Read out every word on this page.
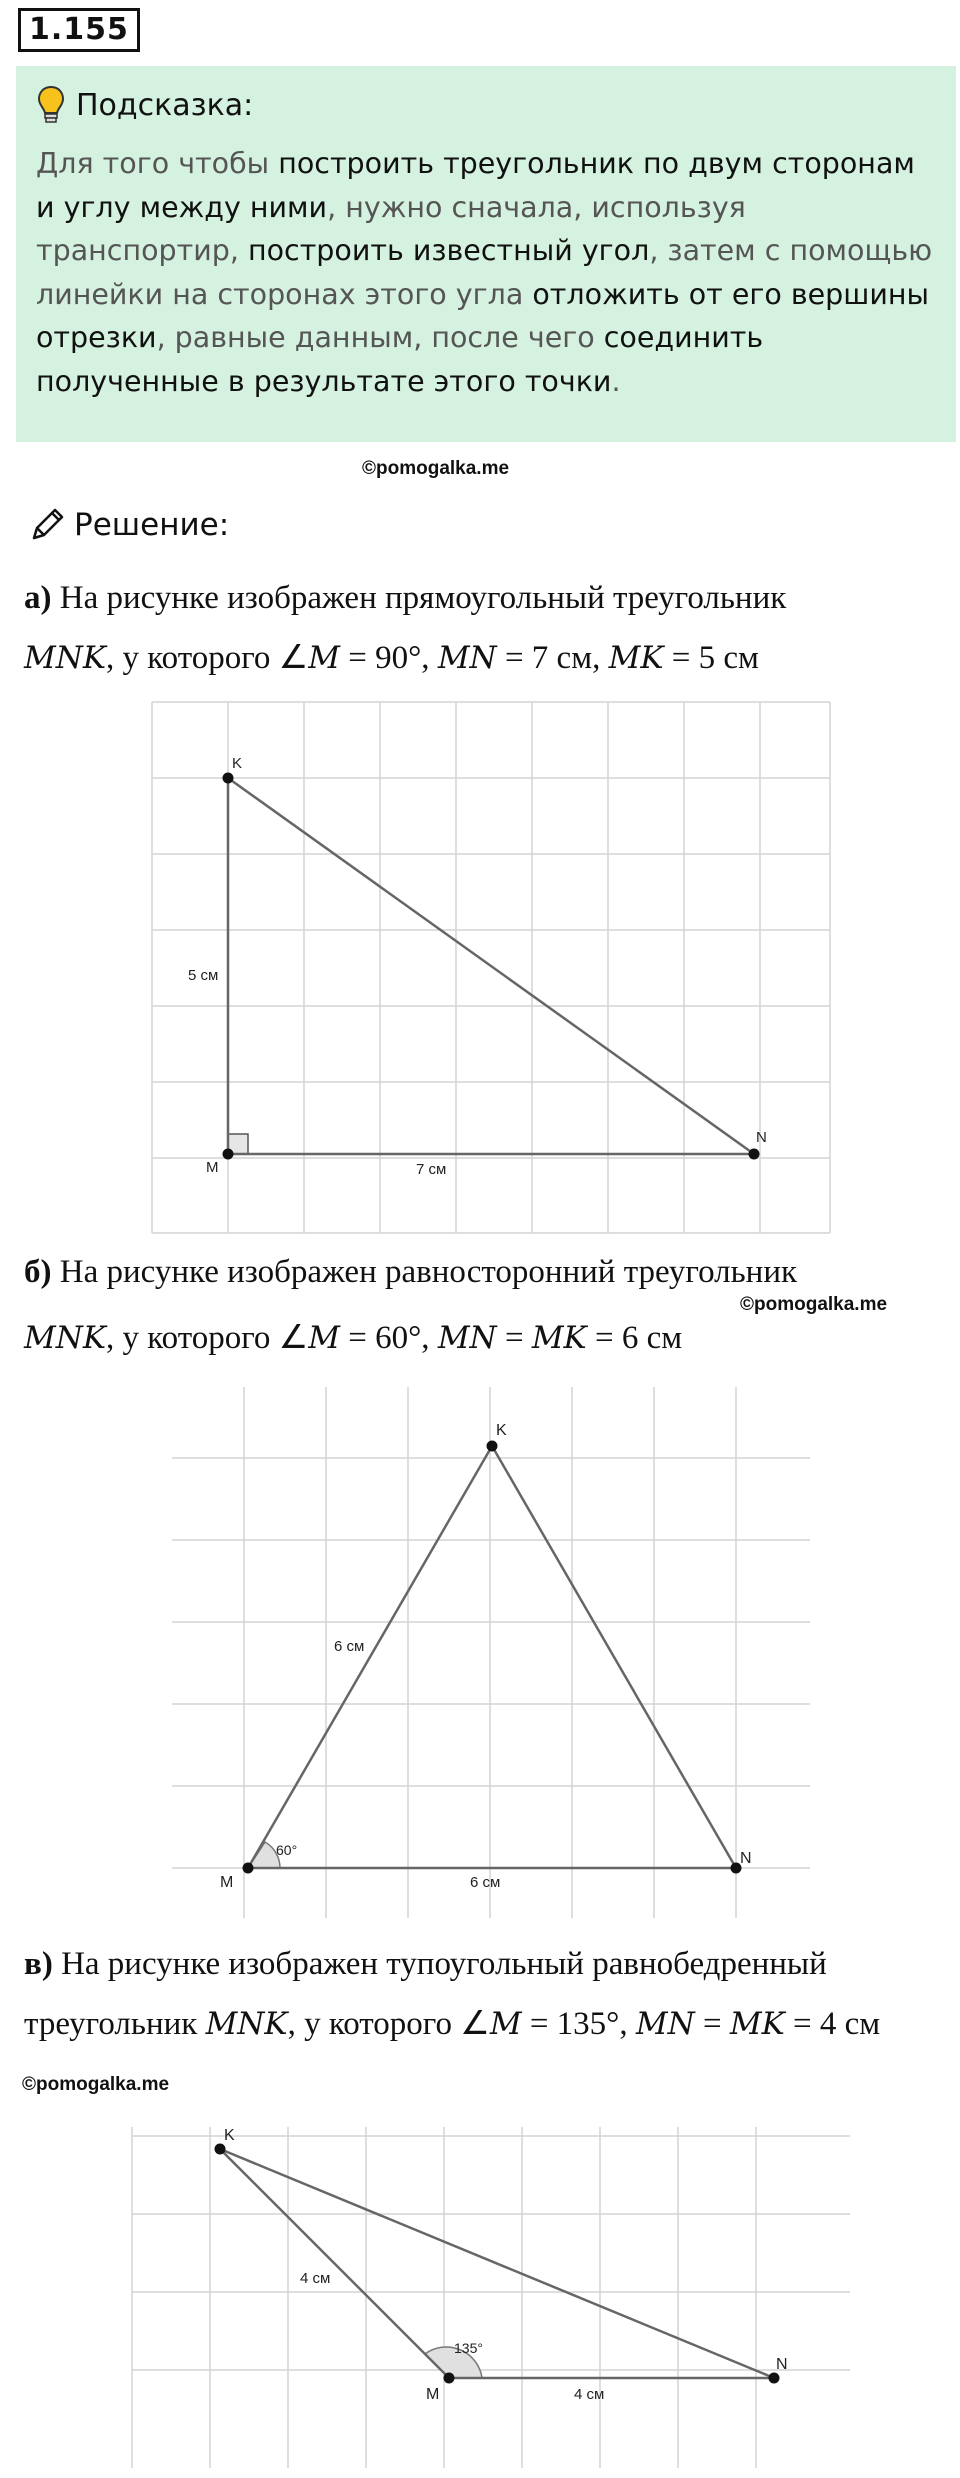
1.155
Подсказка:
Для того чтобы построить треугольник по двум сторонам и углу между ними, нужно сначала, используя транспортир, построить известный угол, затем с помощью линейки на сторонах этого угла отложить от его вершины отрезки, равные данным, после чего соединить полученные в результате этого точки.
©pomogalka.me
Решение:
а) На рисунке изображен прямоугольный треугольник
MNK, у которого ∠M = 90°, MN = 7 см, MK = 5 см
K
M
N
5 см
7 см
б) На рисунке изображен равносторонний треугольник
©pomogalka.me
MNK, у которого ∠M = 60°, MN = MK = 6 см
K
M
N
6 см
6 см
60°
в) На рисунке изображен тупоугольный равнобедренный
треугольник MNK, у которого ∠M = 135°, MN = MK = 4 см
©pomogalka.me
K
M
N
4 см
4 см
135°
